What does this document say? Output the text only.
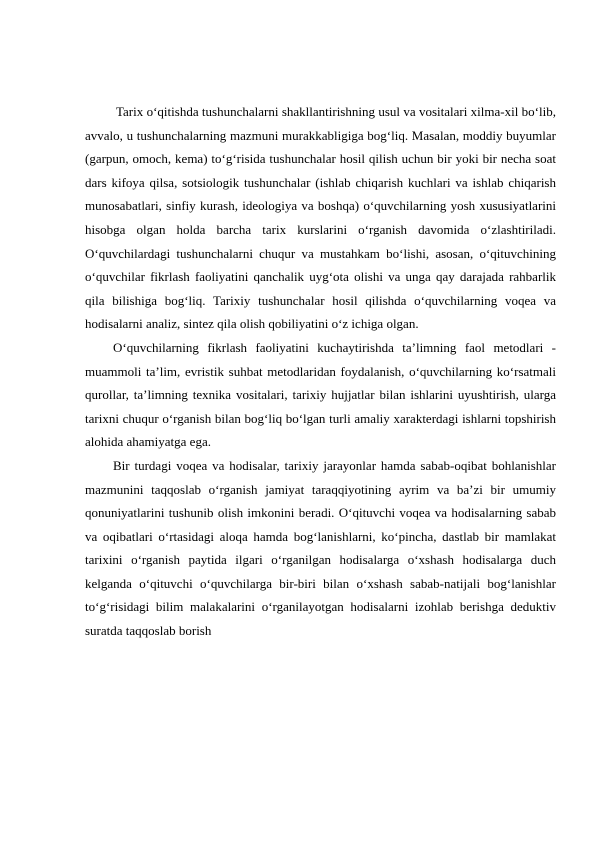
Tarix o‘qitishda tushunchalarni shakllantirishning usul va vositalari xilma-xil bo‘lib, avvalo, u tushunchalarning mazmuni murakkabligiga bog‘liq. Masalan, moddiy buyumlar (garpun, omoch, kema) to‘g‘risida tushunchalar hosil qilish uchun bir yoki bir necha soat dars kifoya qilsa, sotsiologik tushunchalar (ishlab chiqarish kuchlari va ishlab chiqarish munosabatlari, sinfiy kurash, ideologiya va boshqa) o‘quvchilarning yosh xususiyatlarini hisobga olgan holda barcha tarix kurslarini o‘rganish davomida o‘zlashtiriladi. O‘quvchilardagi tushunchalarni chuqur va mustahkam bo‘lishi, asosan, o‘qituvchining o‘quvchilar fikrlash faoliyatini qanchalik uyg‘ota olishi va unga qay darajada rahbarlik qila bilishiga bog‘liq. Tarixiy tushunchalar hosil qilishda o‘quvchilarning voqea va hodisalarni analiz, sintez qila olish qobiliyatini o‘z ichiga olgan.

O‘quvchilarning fikrlash faoliyatini kuchaytirishda ta’limning faol metodlari - muammoli ta’lim, evristik suhbat metodlaridan foydalanish, o‘quvchilarning ko‘rsatmali qurollar, ta’limning texnika vositalari, tarixiy hujjatlar bilan ishlarini uyushtirish, ularga tarixni chuqur o‘rganish bilan bog‘liq bo‘lgan turli amaliy xarakterdagi ishlarni topshirish alohida ahamiyatga ega.

Bir turdagi voqea va hodisalar, tarixiy jarayonlar hamda sabab-oqibat bohlanishlar mazmunini taqqoslab o‘rganish jamiyat taraqqiyotining ayrim va ba’zi bir umumiy qonuniyatlarini tushunib olish imkonini beradi. O‘qituvchi voqea va hodisalarning sabab va oqibatlari o‘rtasidagi aloqa hamda bog‘lanishlarni, ko‘pincha, dastlab bir mamlakat tarixini o‘rganish paytida ilgari o‘rganilgan hodisalarga o‘xshash hodisalarga duch kelganda o‘qituvchi o‘quvchilarga bir-biri bilan o‘xshash sabab-natijali bog‘lanishlar to‘g‘risidagi bilim malakalarini o‘rganilayotgan hodisalarni izohlab berishga deduktiv suratda taqqoslab borish
